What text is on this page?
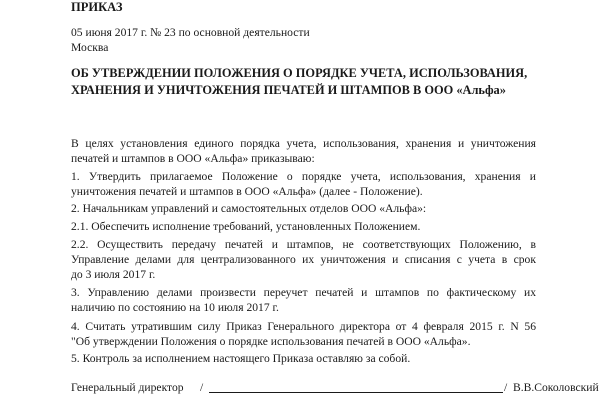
ПРИКАЗ
05 июня 2017 г. № 23 по основной деятельности
Москва
ОБ УТВЕРЖДЕНИИ ПОЛОЖЕНИЯ О ПОРЯДКЕ УЧЕТА, ИСПОЛЬЗОВАНИЯ,
ХРАНЕНИЯ И УНИЧТОЖЕНИЯ ПЕЧАТЕЙ И ШТАМПОВ В ООО «Альфа»
В целях установления единого порядка учета, использования, хранения и уничтожения
печатей и штампов в ООО «Альфа» приказываю:
1. Утвердить прилагаемое Положение о порядке учета, использования, хранения и
уничтожения печатей и штампов в ООО «Альфа» (далее - Положение).
2. Начальникам управлений и самостоятельных отделов ООО «Альфа»:
2.1. Обеспечить исполнение требований, установленных Положением.
2.2. Осуществить передачу печатей и штампов, не соответствующих Положению, в
Управление делами для централизованного их уничтожения и списания с учета в срок
до 3 июля 2017 г.
3. Управлению делами произвести переучет печатей и штампов по фактическому их
наличию по состоянию на 10 июля 2017 г.
4. Считать утратившим силу Приказ Генерального директора от 4 февраля 2015 г. N 56
"Об утверждении Положения о порядке использования печатей в ООО «Альфа».
5. Контроль за исполнением настоящего Приказа оставляю за собой.
Генеральный директор /	/ В.В.Соколовский
